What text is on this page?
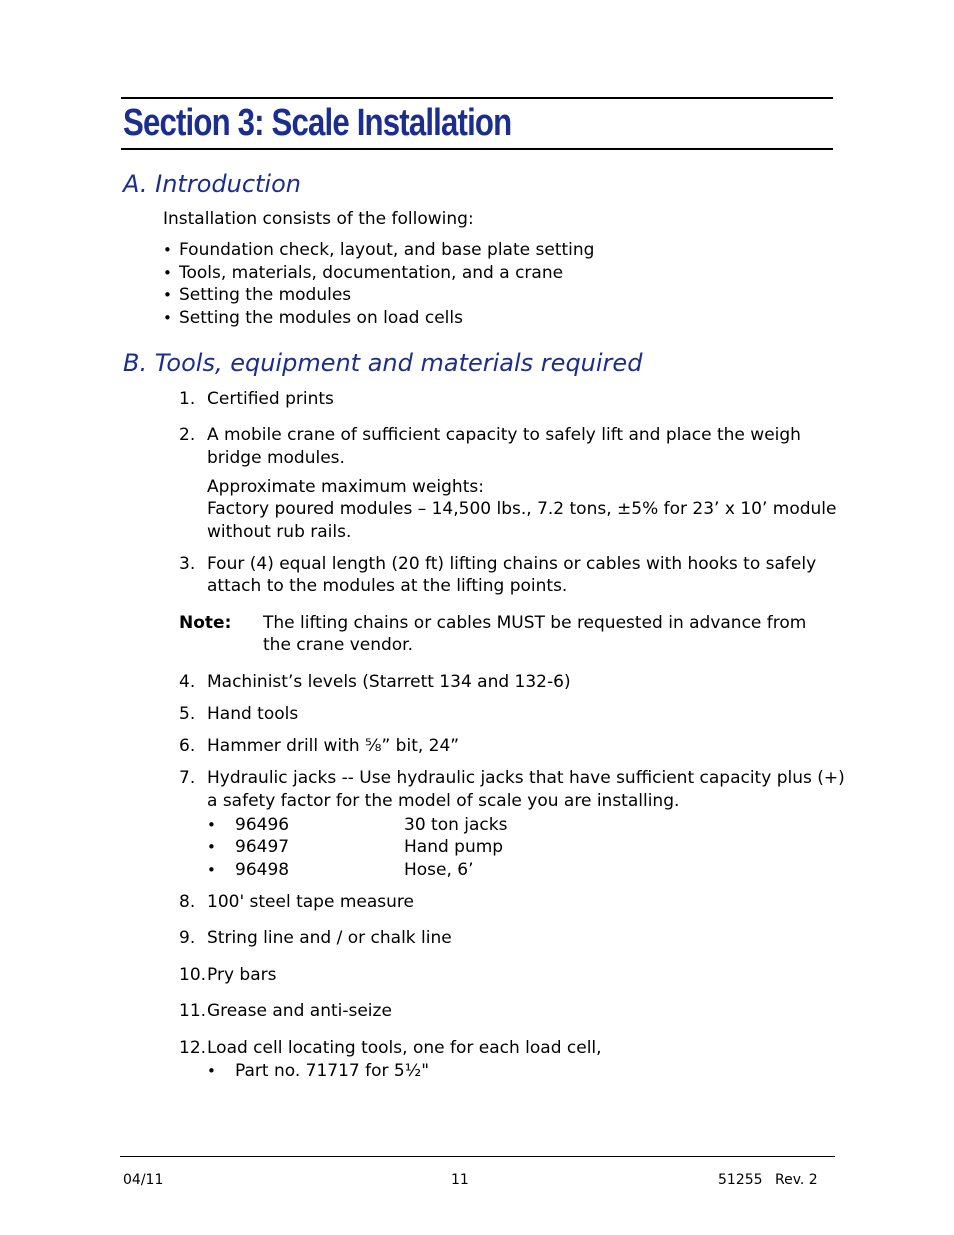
Section 3: Scale Installation
A. Introduction
Installation consists of the following:
• Foundation check, layout, and base plate setting
• Tools, materials, documentation, and a crane
• Setting the modules
• Setting the modules on load cells
B. Tools, equipment and materials required
1. Certified prints
2. A mobile crane of sufficient capacity to safely lift and place the weigh
bridge modules.
Approximate maximum weights:
Factory poured modules – 14,500 lbs., 7.2 tons, ±5% for 23’ x 10’ module
without rub rails.
3. Four (4) equal length (20 ft) lifting chains or cables with hooks to safely
attach to the modules at the lifting points.
Note: The lifting chains or cables MUST be requested in advance from
the crane vendor.
4. Machinist’s levels (Starrett 134 and 132-6)
5. Hand tools
6. Hammer drill with ⅝” bit, 24”
7. Hydraulic jacks -- Use hydraulic jacks that have sufficient capacity plus (+)
a safety factor for the model of scale you are installing.
• 96496	30 ton jacks
• 96497	Hand pump
• 96498	Hose, 6’
8. 100' steel tape measure
9. String line and / or chalk line
10. Pry bars
11. Grease and anti-seize
12. Load cell locating tools, one for each load cell,
• Part no. 71717 for 5½"
04/11	11	51255 Rev. 2
